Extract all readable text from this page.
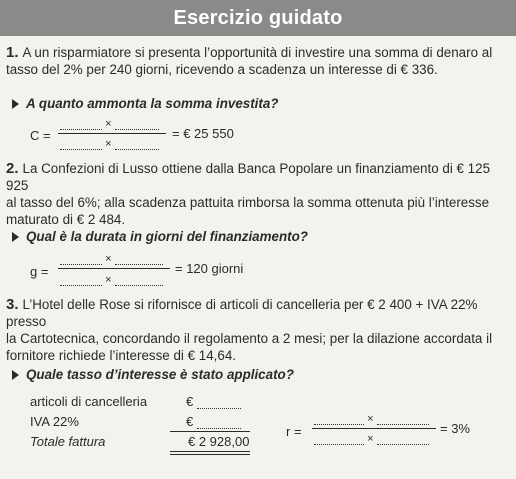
Esercizio guidato
1. A un risparmiatore si presenta l’opportunità di investire una somma di denaro al
tasso del 2% per 240 giorni, ricevendo a scadenza un interesse di € 336.
A quanto ammonta la somma investita?
C =
×
×
= € 25 550
2. La Confezioni di Lusso ottiene dalla Banca Popolare un finanziamento di € 125 925
al tasso del 6%; alla scadenza pattuita rimborsa la somma ottenuta più l’interesse
maturato di € 2 484.
Qual è la durata in giorni del finanziamento?
g =
×
×
= 120 giorni
3. L’Hotel delle Rose si rifornisce di articoli di cancelleria per € 2 400 + IVA 22% presso
la Cartotecnica, concordando il regolamento a 2 mesi; per la dilazione accordata il
fornitore richiede l’interesse di € 14,64.
Quale tasso d’interesse è stato applicato?
articoli di cancelleria	€
IVA 22%	€
Totale fattura	€ 2 928,00
r =
×
×
= 3%
